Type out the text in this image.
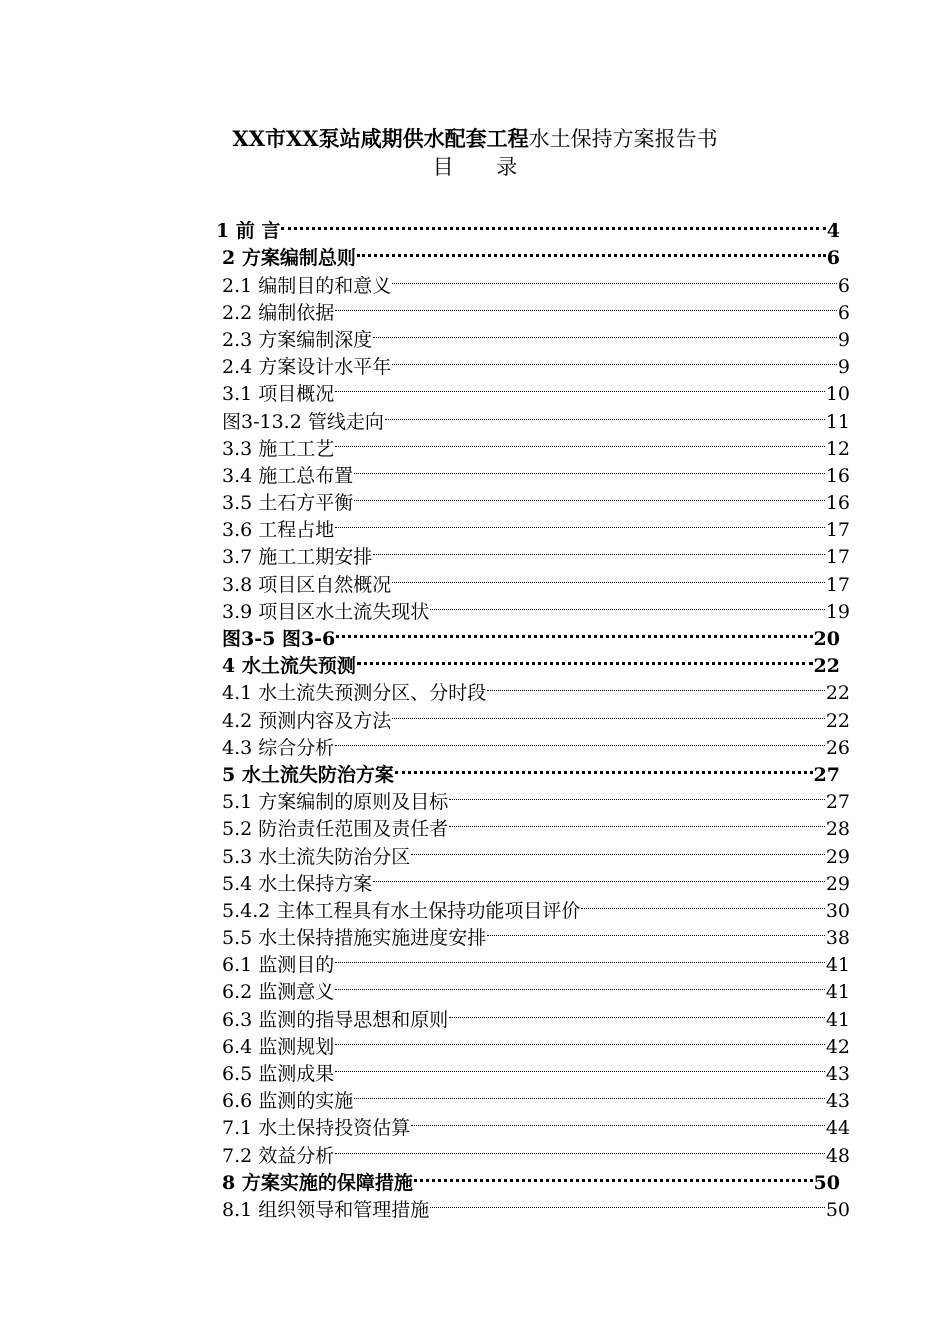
XX市XX泵站咸期供水配套工程水土保持方案报告书
目 录
1 前 言	4
2 方案编制总则	6
2.1 编制目的和意义	6
2.2 编制依据	6
2.3 方案编制深度	9
2.4 方案设计水平年	9
3.1 项目概况	10
图3-13.2 管线走向	11
3.3 施工工艺	12
3.4 施工总布置	16
3.5 土石方平衡	16
3.6 工程占地	17
3.7 施工工期安排	17
3.8 项目区自然概况	17
3.9 项目区水土流失现状	19
图3-5 图3-6	20
4 水土流失预测	22
4.1 水土流失预测分区、分时段	22
4.2 预测内容及方法	22
4.3 综合分析	26
5 水土流失防治方案	27
5.1 方案编制的原则及目标	27
5.2 防治责任范围及责任者	28
5.3 水土流失防治分区	29
5.4 水土保持方案	29
5.4.2 主体工程具有水土保持功能项目评价	30
5.5 水土保持措施实施进度安排	38
6.1 监测目的	41
6.2 监测意义	41
6.3 监测的指导思想和原则	41
6.4 监测规划	42
6.5 监测成果	43
6.6 监测的实施	43
7.1 水土保持投资估算	44
7.2 效益分析	48
8 方案实施的保障措施	50
8.1 组织领导和管理措施	50
